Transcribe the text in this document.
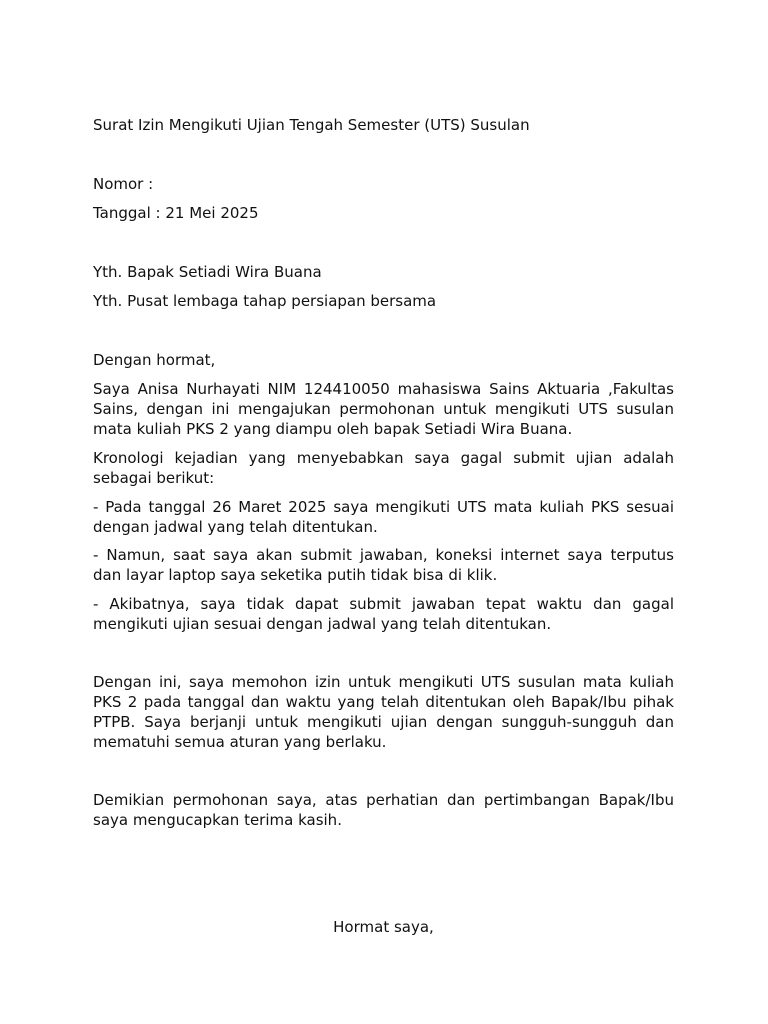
Surat Izin Mengikuti Ujian Tengah Semester (UTS) Susulan

Nomor :

Tanggal : 21 Mei 2025

Yth. Bapak Setiadi Wira Buana

Yth. Pusat lembaga tahap persiapan bersama

Dengan hormat,

Saya Anisa Nurhayati NIM 124410050 mahasiswa Sains Aktuaria ,Fakultas Sains, dengan ini mengajukan permohonan untuk mengikuti UTS susulan mata kuliah PKS 2 yang diampu oleh bapak Setiadi Wira Buana.

Kronologi kejadian yang menyebabkan saya gagal submit ujian adalah sebagai berikut:

- Pada tanggal 26 Maret 2025 saya mengikuti UTS mata kuliah PKS sesuai dengan jadwal yang telah ditentukan.

- Namun, saat saya akan submit jawaban, koneksi internet saya terputus dan layar laptop saya seketika putih tidak bisa di klik.

- Akibatnya, saya tidak dapat submit jawaban tepat waktu dan gagal mengikuti ujian sesuai dengan jadwal yang telah ditentukan.

Dengan ini, saya memohon izin untuk mengikuti UTS susulan mata kuliah PKS 2 pada tanggal dan waktu yang telah ditentukan oleh Bapak/Ibu pihak PTPB. Saya berjanji untuk mengikuti ujian dengan sungguh-sungguh dan mematuhi semua aturan yang berlaku.

Demikian permohonan saya, atas perhatian dan pertimbangan Bapak/Ibu saya mengucapkan terima kasih.

Hormat saya,
